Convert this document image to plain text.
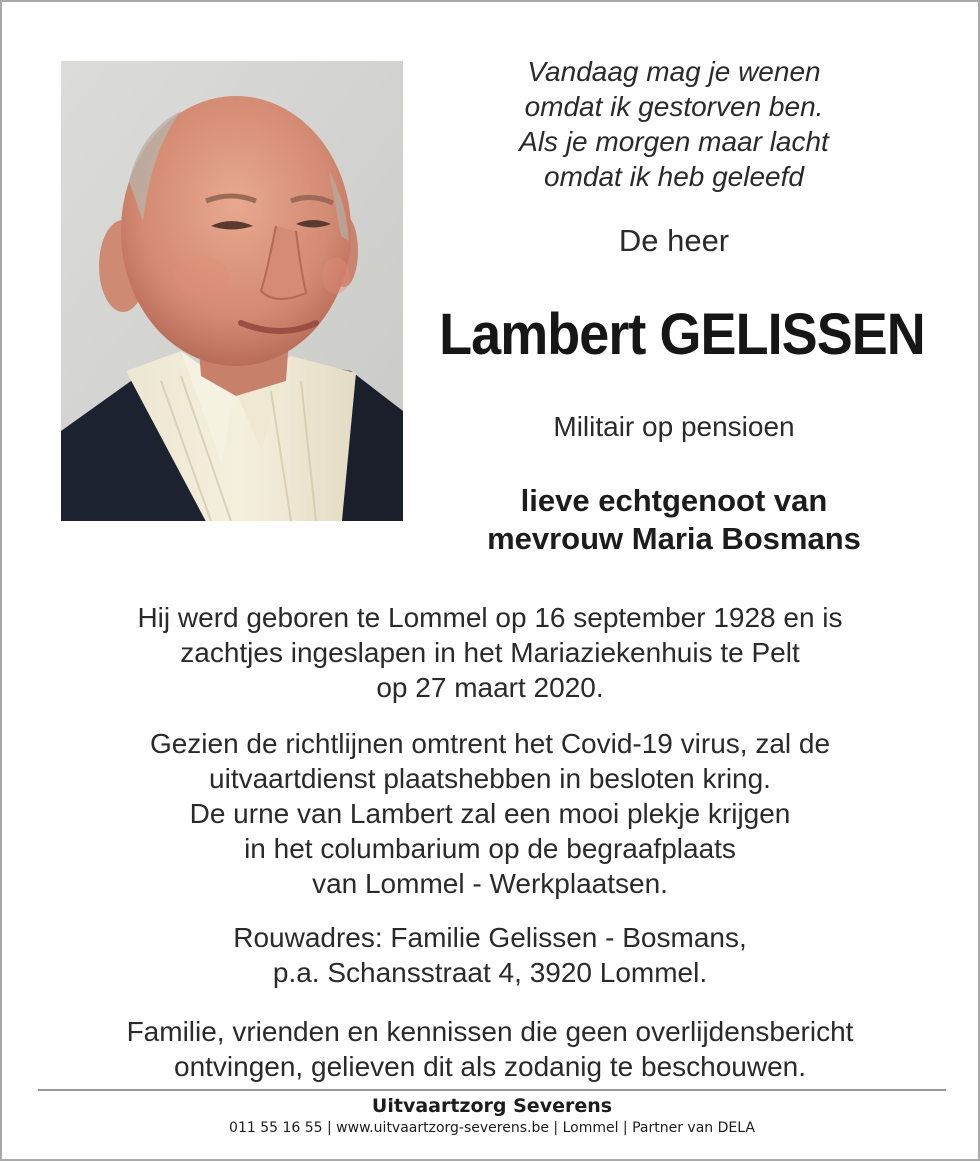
Vandaag mag je wenen
omdat ik gestorven ben.
Als je morgen maar lacht
omdat ik heb geleefd
De heer
Lambert GELISSEN
Militair op pensioen
lieve echtgenoot van
mevrouw Maria Bosmans
Hij werd geboren te Lommel op 16 september 1928 en is
zachtjes ingeslapen in het Mariaziekenhuis te Pelt
op 27 maart 2020.
Gezien de richtlijnen omtrent het Covid-19 virus, zal de
uitvaartdienst plaatshebben in besloten kring.
De urne van Lambert zal een mooi plekje krijgen
in het columbarium op de begraafplaats
van Lommel - Werkplaatsen.
Rouwadres: Familie Gelissen - Bosmans,
p.a. Schansstraat 4, 3920 Lommel.
Familie, vrienden en kennissen die geen overlijdensbericht
ontvingen, gelieven dit als zodanig te beschouwen.
Uitvaartzorg Severens
011 55 16 55 | www.uitvaartzorg-severens.be | Lommel | Partner van DELA
